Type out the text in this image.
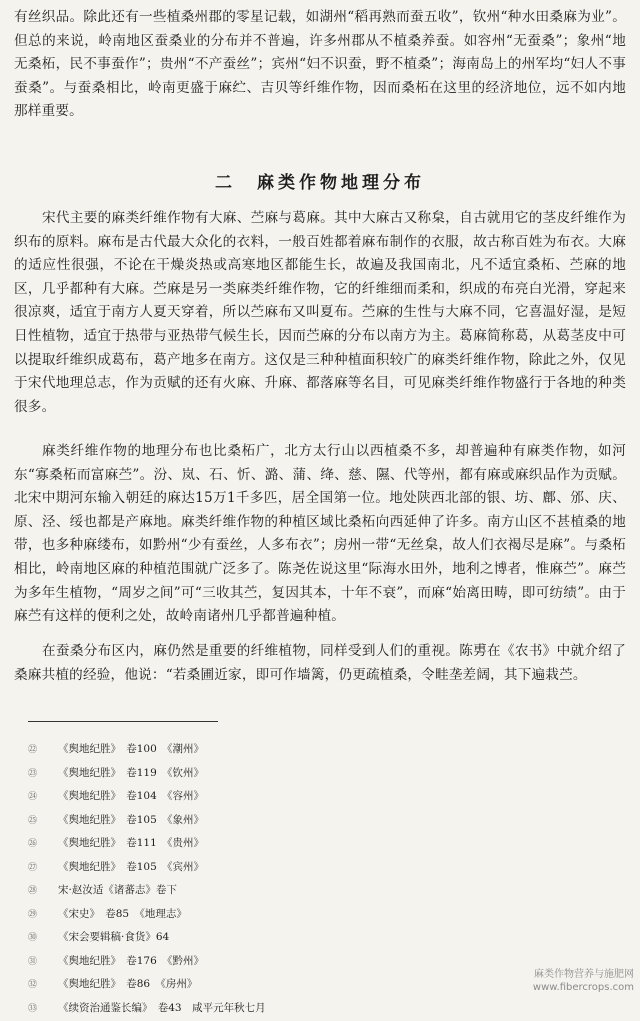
有丝织品。除此还有一些植桑州郡的零星记载，如湖州“稻再熟而蚕五收”，钦州“种水田桑麻为业”。但总的来说，岭南地区蚕桑业的分布并不普遍，许多州郡从不植桑养蚕。如容州“无蚕桑”；象州“地无桑柘，民不事蚕作”；贵州“不产蚕丝”；宾州“妇不识蚕，野不植桑”；海南岛上的州军均“妇人不事蚕桑”。与蚕桑相比，岭南更盛于麻纻、吉贝等纤维作物，因而桑柘在这里的经济地位，远不如内地那样重要。

二　麻类作物地理分布

宋代主要的麻类纤维作物有大麻、苎麻与葛麻。其中大麻古又称枲，自古就用它的茎皮纤维作为织布的原料。麻布是古代最大众化的衣料，一般百姓都着麻布制作的衣服，故古称百姓为布衣。大麻的适应性很强，不论在干燥炎热或高寒地区都能生长，故遍及我国南北，凡不适宜桑柘、苎麻的地区，几乎都种有大麻。苎麻是另一类麻类纤维作物，它的纤维细而柔和，织成的布亮白光滑，穿起来很凉爽，适宜于南方人夏天穿着，所以苎麻布又叫夏布。苎麻的生性与大麻不同，它喜温好湿，是短日性植物，适宜于热带与亚热带气候生长，因而苎麻的分布以南方为主。葛麻简称葛，从葛茎皮中可以提取纤维织成葛布，葛产地多在南方。这仅是三种种植面积较广的麻类纤维作物，除此之外，仅见于宋代地理总志，作为贡赋的还有火麻、升麻、都落麻等名目，可见麻类纤维作物盛行于各地的种类很多。

麻类纤维作物的地理分布也比桑柘广，北方太行山以西植桑不多，却普遍种有麻类作物，如河东“寡桑柘而富麻苎”。汾、岚、石、忻、潞、蒲、绛、慈、隰、代等州，都有麻或麻织品作为贡赋。北宋中期河东输入朝廷的麻达15万1千多匹，居全国第一位。地处陕西北部的银、坊、鄜、邠、庆、原、泾、绥也都是产麻地。麻类纤维作物的种植区域比桑柘向西延伸了许多。南方山区不甚植桑的地带，也多种麻缕布，如黔州“少有蚕丝，人多布衣”；房州一带“无丝枲，故人们衣褐尽是麻”。与桑柘相比，岭南地区麻的种植范围就广泛多了。陈尧佐说这里“际海水田外，地利之博者，惟麻苎”。麻苎为多年生植物，“周岁之间”可“三收其苎，复因其本，十年不衰”，而麻“始离田畴，即可纺绩”。由于麻苎有这样的便利之处，故岭南诸州几乎都普遍种植。

在蚕桑分布区内，麻仍然是重要的纤维植物，同样受到人们的重视。陈旉在《农书》中就介绍了桑麻共植的经验，他说：“若桑圃近家，即可作墙篱，仍更疏植桑，令畦垄差阔，其下遍栽苎。

㉒ 《舆地纪胜》　卷100　《潮州》
㉓ 《舆地纪胜》　卷119　《钦州》
㉔ 《舆地纪胜》　卷104　《容州》
㉕ 《舆地纪胜》　卷105　《象州》
㉖ 《舆地纪胜》　卷111　《贵州》
㉗ 《舆地纪胜》　卷105　《宾州》
㉘ 宋·赵汝适《诸蕃志》卷下
㉙ 《宋史》　卷85　《地理志》
㉚ 《宋会要辑稿·食货》64
㉛ 《舆地纪胜》　卷176　《黔州》
㉜ 《舆地纪胜》　卷86　《房州》
㉝ 《续资治通鉴长编》　卷43　咸平元年秋七月
麻类作物营养与施肥网
www.fibercrops.com
